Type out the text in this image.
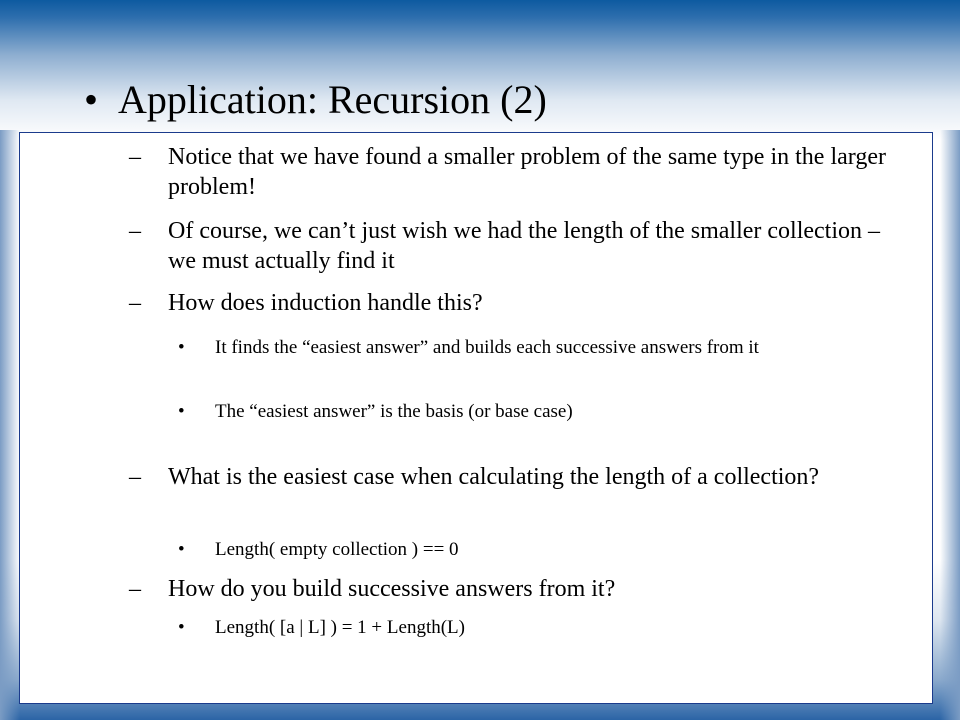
• Application: Recursion (2)
– Notice that we have found a smaller problem of the same type in the larger problem!
– Of course, we can’t just wish we had the length of the smaller collection – we must actually find it
– How does induction handle this?
• It finds the “easiest answer” and builds each successive answers from it
• The “easiest answer” is the basis (or base case)
– What is the easiest case when calculating the length of a collection?
• Length( empty collection ) == 0
– How do you build successive answers from it?
• Length( [a | L] ) = 1 + Length(L)
